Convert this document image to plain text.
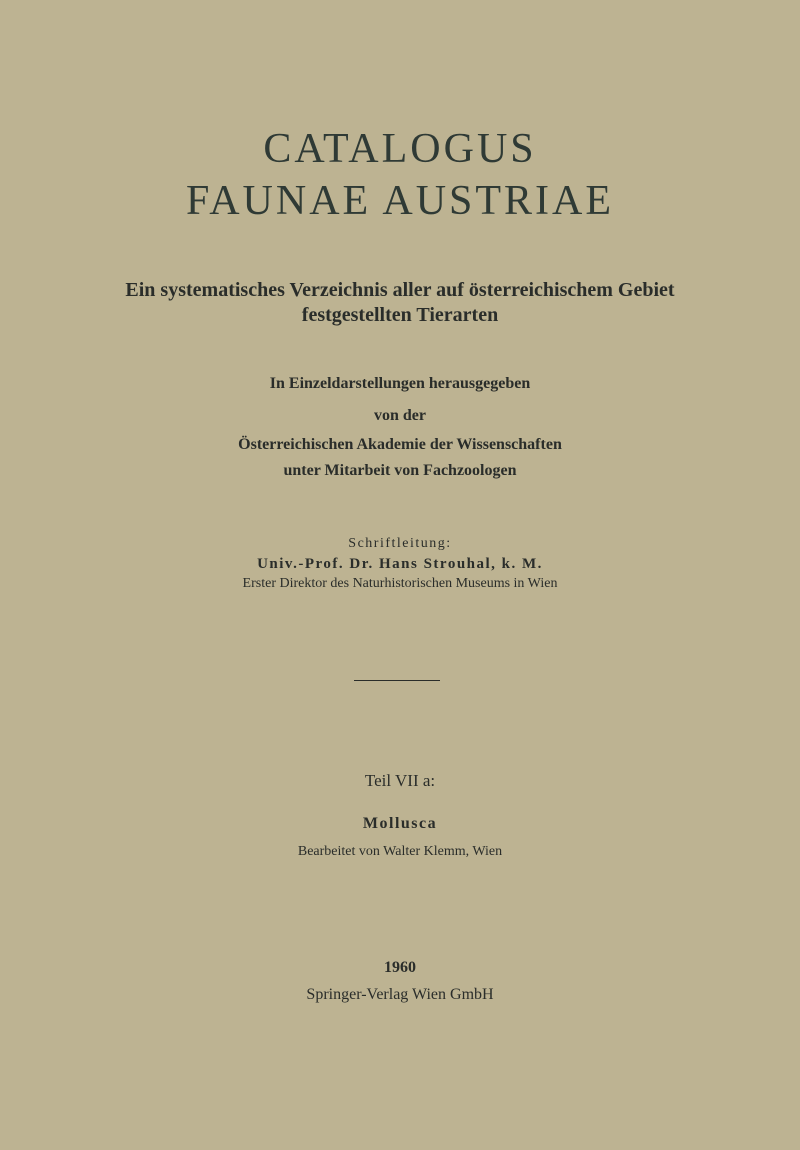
CATALOGUS
FAUNAE AUSTRIAE
Ein systematisches Verzeichnis aller auf österreichischem Gebiet
festgestellten Tierarten
In Einzeldarstellungen herausgegeben
von der
Österreichischen Akademie der Wissenschaften
unter Mitarbeit von Fachzoologen
Schriftleitung:
Univ.-Prof. Dr. Hans Strouhal, k. M.
Erster Direktor des Naturhistorischen Museums in Wien
Teil VII a:
Mollusca
Bearbeitet von Walter Klemm, Wien
1960
Springer-Verlag Wien GmbH
